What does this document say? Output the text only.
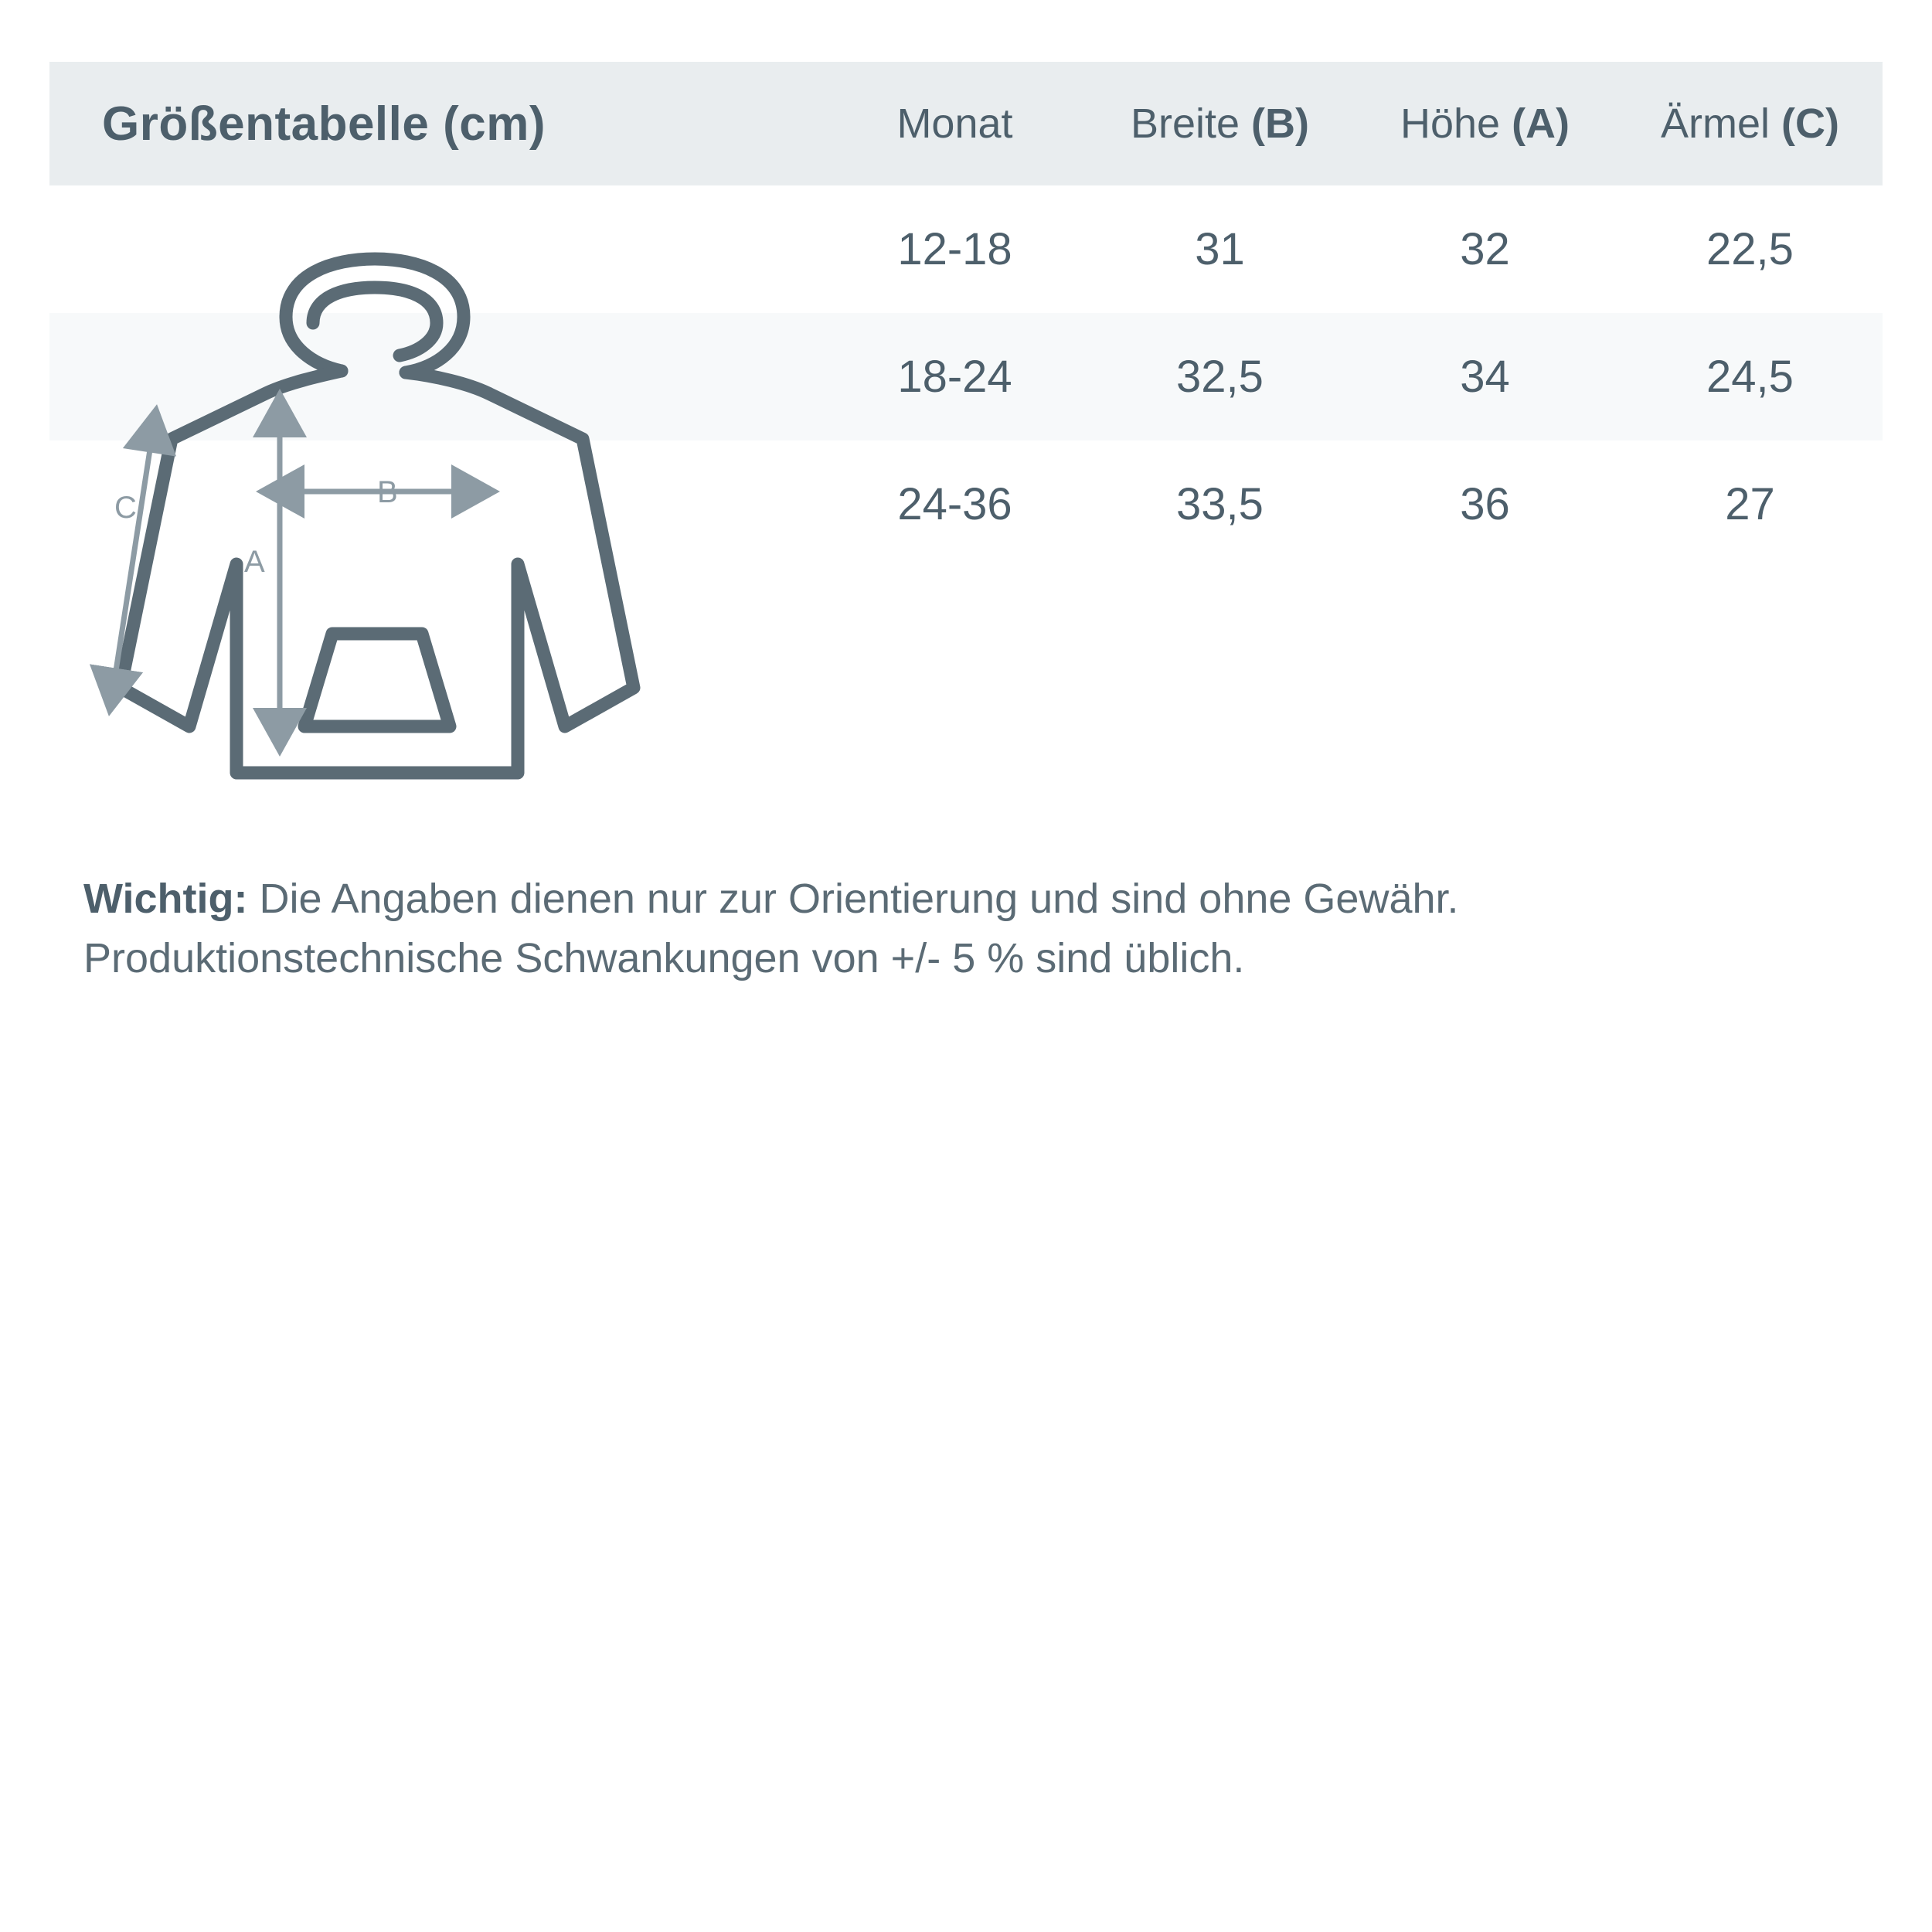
Größentabelle (cm)	Monat	Breite (B)	Höhe (A)	Ärmel (C)
12-18	31	32	22,5
18-24	32,5	34	24,5
24-36	33,5	36	27
C	B
A
Wichtig: Die Angaben dienen nur zur Orientierung und sind ohne Gewähr.
Produktionstechnische Schwankungen von +/- 5 % sind üblich.
